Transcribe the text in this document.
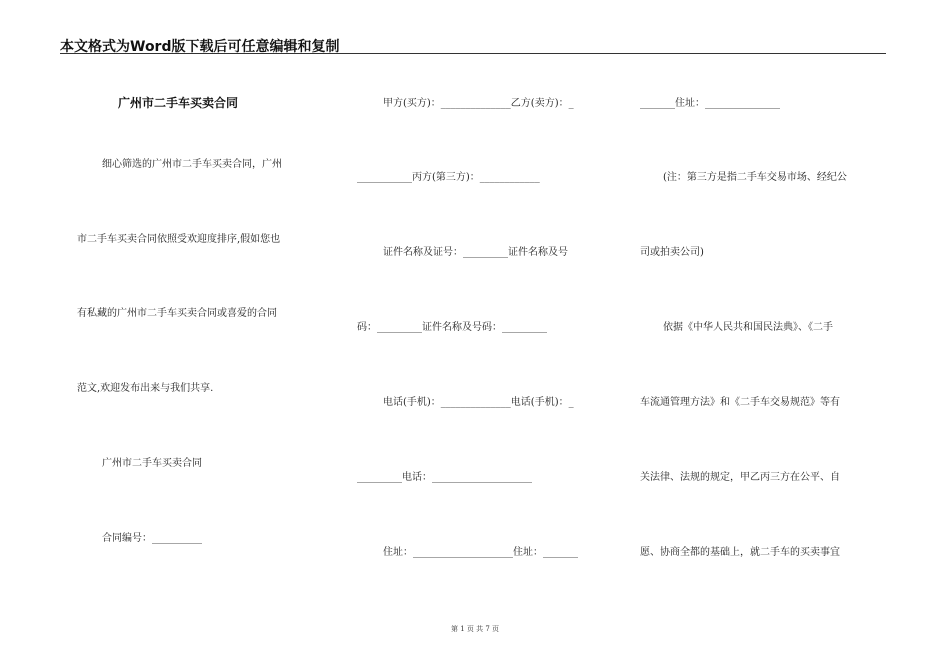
本文格式为Word版下载后可任意编辑和复制
广州市二手车买卖合同
细心筛选的广州市二手车买卖合同，广州
市二手车买卖合同依照受欢迎度排序,假如您也
有私藏的广州市二手车买卖合同或喜爱的合同
范文,欢迎发布出来与我们共享.
广州市二手车买卖合同
合同编号：__________
甲方(买方)：______________乙方(卖方)：_
___________丙方(第三方)：____________
证件名称及证号：_________证件名称及号
码：_________证件名称及号码：_________
电话(手机)：______________电话(手机)：_
_________电话：____________________
住址：____________________住址：_______
_______住址：_______________
(注：第三方是指二手车交易市场、经纪公
司或拍卖公司)
依据《中华人民共和国民法典》、《二手
车流通管理方法》和《二手车交易规范》等有
关法律、法规的规定，甲乙丙三方在公平、自
愿、协商全都的基础上，就二手车的买卖事宜
第 1 页 共 7 页
